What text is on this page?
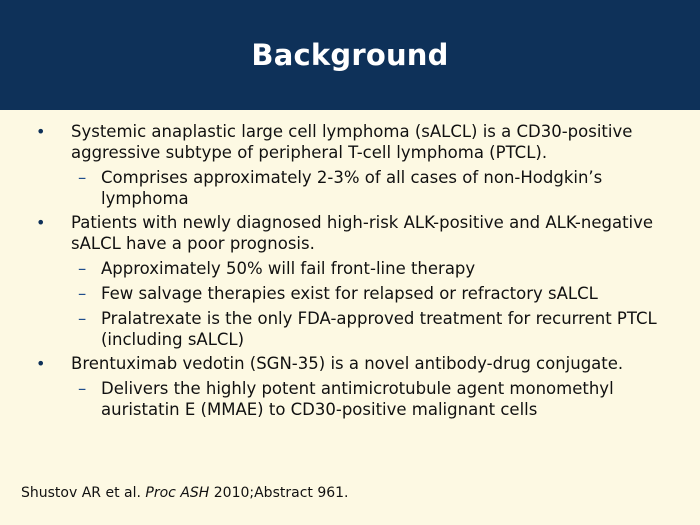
Background

• Systemic anaplastic large cell lymphoma (sALCL) is a CD30-positive aggressive subtype of peripheral T-cell lymphoma (PTCL).

– Comprises approximately 2-3% of all cases of non-Hodgkin’s lymphoma

• Patients with newly diagnosed high-risk ALK-positive and ALK-negative sALCL have a poor prognosis.

– Approximately 50% will fail front-line therapy

– Few salvage therapies exist for relapsed or refractory sALCL

– Pralatrexate is the only FDA-approved treatment for recurrent PTCL (including sALCL)

• Brentuximab vedotin (SGN-35) is a novel antibody-drug conjugate.

– Delivers the highly potent antimicrotubule agent monomethyl auristatin E (MMAE) to CD30-positive malignant cells

Shustov AR et al. Proc ASH 2010;Abstract 961.
